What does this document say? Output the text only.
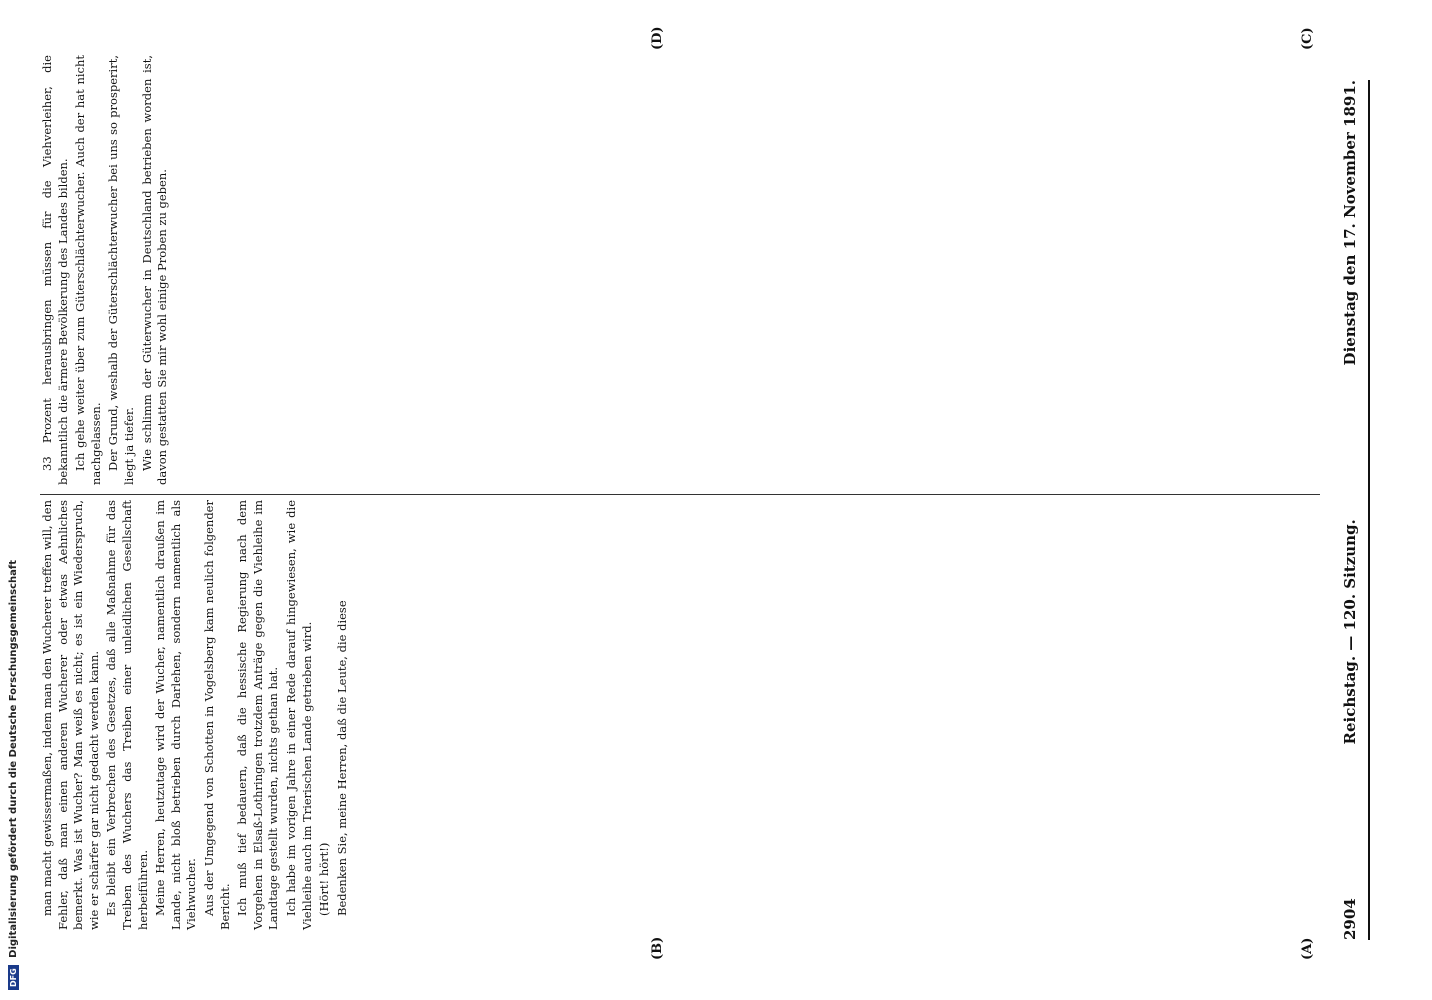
2904
Reichstag. — 120. Sitzung.
Dienstag den 17. November 1891.
(A)
(B)
(C)
(D)

man macht gewissermaßen, indem man den Wucherer treffen will, den Fehler, daß man einen anderen Wucherer oder etwas Aehnliches bemerkt. Was ist Wucher? Man weiß es nicht; es ist ein Wiederspruch, wie er schärfer gar nicht gedacht werden kann. Es bleibt ein Verbrechen des Gesetzes, daß alle Maßnahme für das Treiben des Wuchers das Treiben einer unleidlichen Gesellschaft herbeiführen. Meine Herren, heutzutage wird der Wucher, namentlich draußen im Lande, nicht bloß betrieben durch Darlehen, sondern namentlich als Viehwucher. Aus der Umgegend von Schotten in Vogelsberg kam neulich folgender Bericht. Ich muß tief bedauern, daß die hessische Regierung nach dem Vorgehen in Elsaß-Lothringen trotzdem Anträge gegen die Viehleihe im Landtage gestellt wurden, nichts gethan hat. Ich habe im vorigen Jahre in einer Rede darauf hingewiesen, wie die Viehleihe auch im Trierischen Lande getrieben wird. (Hört! hört!) Bedenken Sie, meine Herren, daß die Leute, die diese

33 Prozent herausbringen müssen für die Viehverleiher, die bekanntlich die ärmere Bevölkerung des Landes bilden. Ich gehe weiter über zum Güterschlächterwucher. Auch der hat nicht nachgelassen. Der Grund, weshalb der Güterschlächterwucher bei uns so prosperirt, liegt ja tiefer. Wie schlimm der Güterwucher in Deutschland betrieben worden ist, davon gestatten Sie mir wohl einige Proben zu geben.

DFG Digitalisierung gefördert durch die Deutsche Forschungsgemeinschaft
